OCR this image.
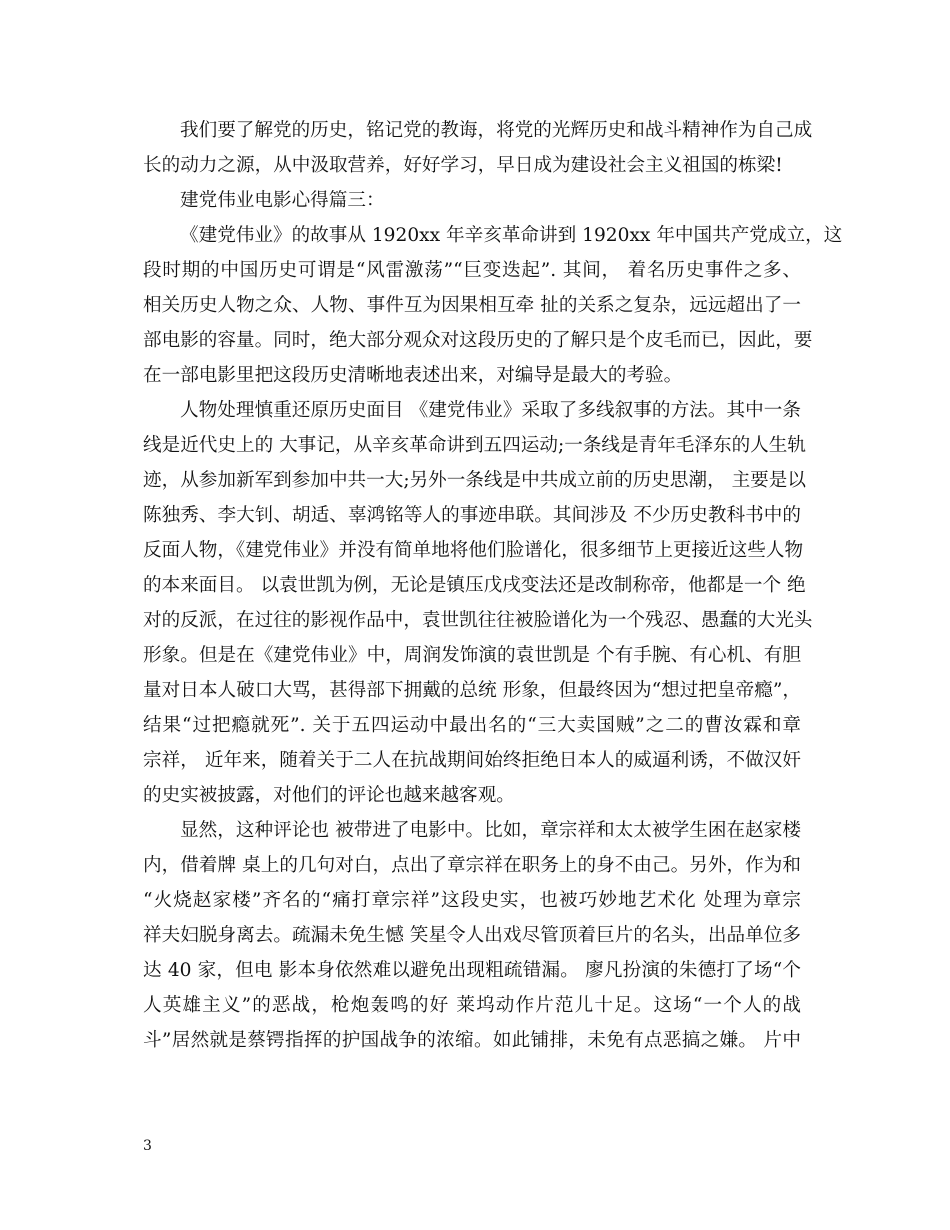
我们要了解党的历史，铭记党的教诲，将党的光辉历史和战斗精神作为自己成
长的动力之源，从中汲取营养，好好学习，早日成为建设社会主义祖国的栋梁!
建党伟业电影心得篇三：
《建党伟业》的故事从 1920xx 年辛亥革命讲到 1920xx 年中国共产党成立，这
段时期的中国历史可谓是“风雷激荡”“巨变迭起”. 其间， 着名历史事件之多、
相关历史人物之众、人物、事件互为因果相互牵 扯的关系之复杂，远远超出了一
部电影的容量。同时，绝大部分观众对这段历史的了解只是个皮毛而已，因此，要
在一部电影里把这段历史清晰地表述出来，对编导是最大的考验。
人物处理慎重还原历史面目 《建党伟业》采取了多线叙事的方法。其中一条
线是近代史上的 大事记，从辛亥革命讲到五四运动;一条线是青年毛泽东的人生轨
迹，从参加新军到参加中共一大;另外一条线是中共成立前的历史思潮， 主要是以
陈独秀、李大钊、胡适、辜鸿铭等人的事迹串联。其间涉及 不少历史教科书中的
反面人物，《建党伟业》并没有简单地将他们脸谱化，很多细节上更接近这些人物
的本来面目。 以袁世凯为例，无论是镇压戊戌变法还是改制称帝，他都是一个 绝
对的反派，在过往的影视作品中，袁世凯往往被脸谱化为一个残忍、愚蠢的大光头
形象。但是在《建党伟业》中，周润发饰演的袁世凯是 个有手腕、有心机、有胆
量对日本人破口大骂，甚得部下拥戴的总统 形象，但最终因为“想过把皇帝瘾”，
结果“过把瘾就死”. 关于五四运动中最出名的“三大卖国贼”之二的曹汝霖和章
宗祥， 近年来，随着关于二人在抗战期间始终拒绝日本人的威逼利诱，不做汉奸
的史实被披露，对他们的评论也越来越客观。
显然，这种评论也 被带进了电影中。比如，章宗祥和太太被学生困在赵家楼
内，借着牌 桌上的几句对白，点出了章宗祥在职务上的身不由己。另外，作为和
“火烧赵家楼”齐名的“痛打章宗祥”这段史实，也被巧妙地艺术化 处理为章宗
祥夫妇脱身离去。疏漏未免生憾 笑星令人出戏尽管顶着巨片的名头，出品单位多
达 40 家，但电 影本身依然难以避免出现粗疏错漏。 廖凡扮演的朱德打了场“个
人英雄主义”的恶战，枪炮轰鸣的好 莱坞动作片范儿十足。这场“一个人的战
斗”居然就是蔡锷指挥的护国战争的浓缩。如此铺排，未免有点恶搞之嫌。 片中
3
